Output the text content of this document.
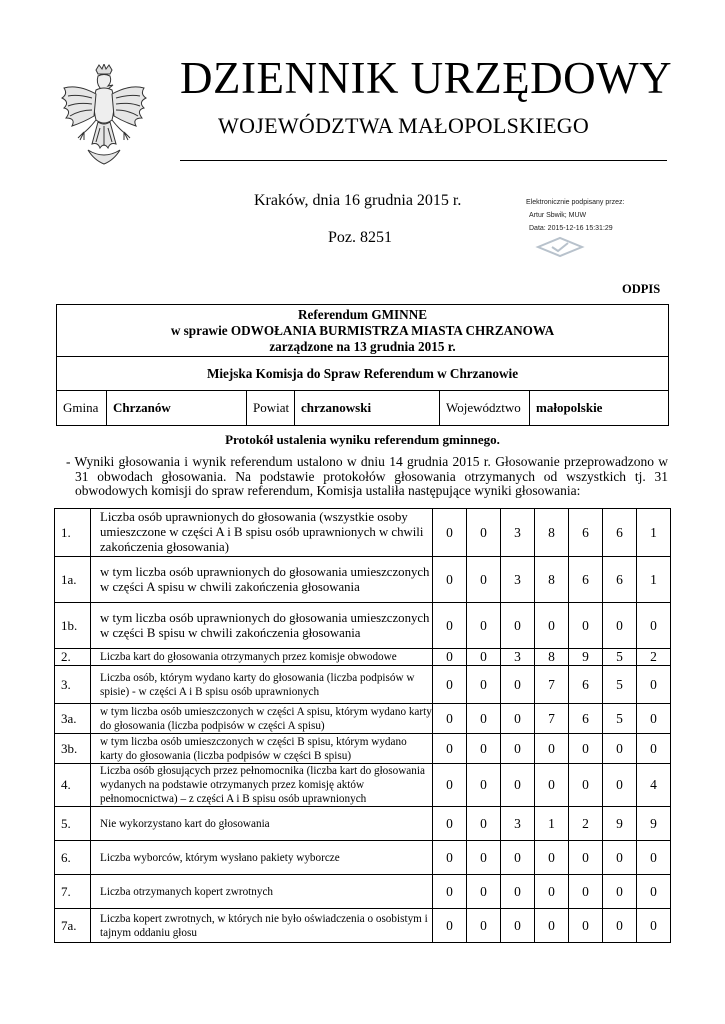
DZIENNIK URZĘDOWY
WOJEWÓDZTWA MAŁOPOLSKIEGO
Kraków, dnia 16 grudnia 2015 r.
Poz. 8251
Elektronicznie podpisany przez:
Artur Sbwik; MUW
Data: 2015-12-16 15:31:29
ODPIS
Referendum GMINNE
w sprawie ODWOŁANIA BURMISTRZA MIASTA CHRZANOWA
zarządzone na 13 grudnia 2015 r.
Miejska Komisja do Spraw Referendum w Chrzanowie
Gmina	Chrzanów	Powiat chrzanowski	Województwo	małopolskie
Protokół ustalenia wyniku referendum gminnego.

- Wyniki głosowania i wynik referendum ustalono w dniu 14 grudnia 2015 r. Głosowanie przeprowadzono w 31 obwodach głosowania. Na podstawie protokołów głosowania otrzymanych od wszystkich tj. 31 obwodowych komisji do spraw referendum, Komisja ustaliła następujące wyniki głosowania:

1.	Liczba osób uprawnionych do głosowania (wszystkie osoby umieszczone w części A i B spisu osób uprawnionych w chwili zakończenia głosowania)	0	0	3	8	6	6	1
1a.	w tym liczba osób uprawnionych do głosowania umieszczonych w części A spisu w chwili zakończenia głosowania	0	0	3	8	6	6	1
1b.	w tym liczba osób uprawnionych do głosowania umieszczonych w części B spisu w chwili zakończenia głosowania	0	0	0	0	0	0	0
2.	Liczba kart do głosowania otrzymanych przez komisje obwodowe	0	0	3	8	9	5	2
3.	Liczba osób, którym wydano karty do głosowania (liczba podpisów w spisie) - w części A i B spisu osób uprawnionych	0	0	0	7	6	5	0
3a.	w tym liczba osób umieszczonych w części A spisu, którym wydano karty do głosowania (liczba podpisów w części A spisu)	0	0	0	7	6	5	0
3b.	w tym liczba osób umieszczonych w części B spisu, którym wydano karty do głosowania (liczba podpisów w części B spisu)	0	0	0	0	0	0	0
4.	Liczba osób głosujących przez pełnomocnika (liczba kart do głosowania wydanych na podstawie otrzymanych przez komisję aktów pełnomocnictwa) – z części A i B spisu osób uprawnionych	0	0	0	0	0	0	4
5.	Nie wykorzystano kart do głosowania	0	0	3	1	2	9	9
6.	Liczba wyborców, którym wysłano pakiety wyborcze	0	0	0	0	0	0	0
7.	Liczba otrzymanych kopert zwrotnych	0	0	0	0	0	0	0
7a.	Liczba kopert zwrotnych, w których nie było oświadczenia o osobistym i tajnym oddaniu głosu	0	0	0	0	0	0	0
